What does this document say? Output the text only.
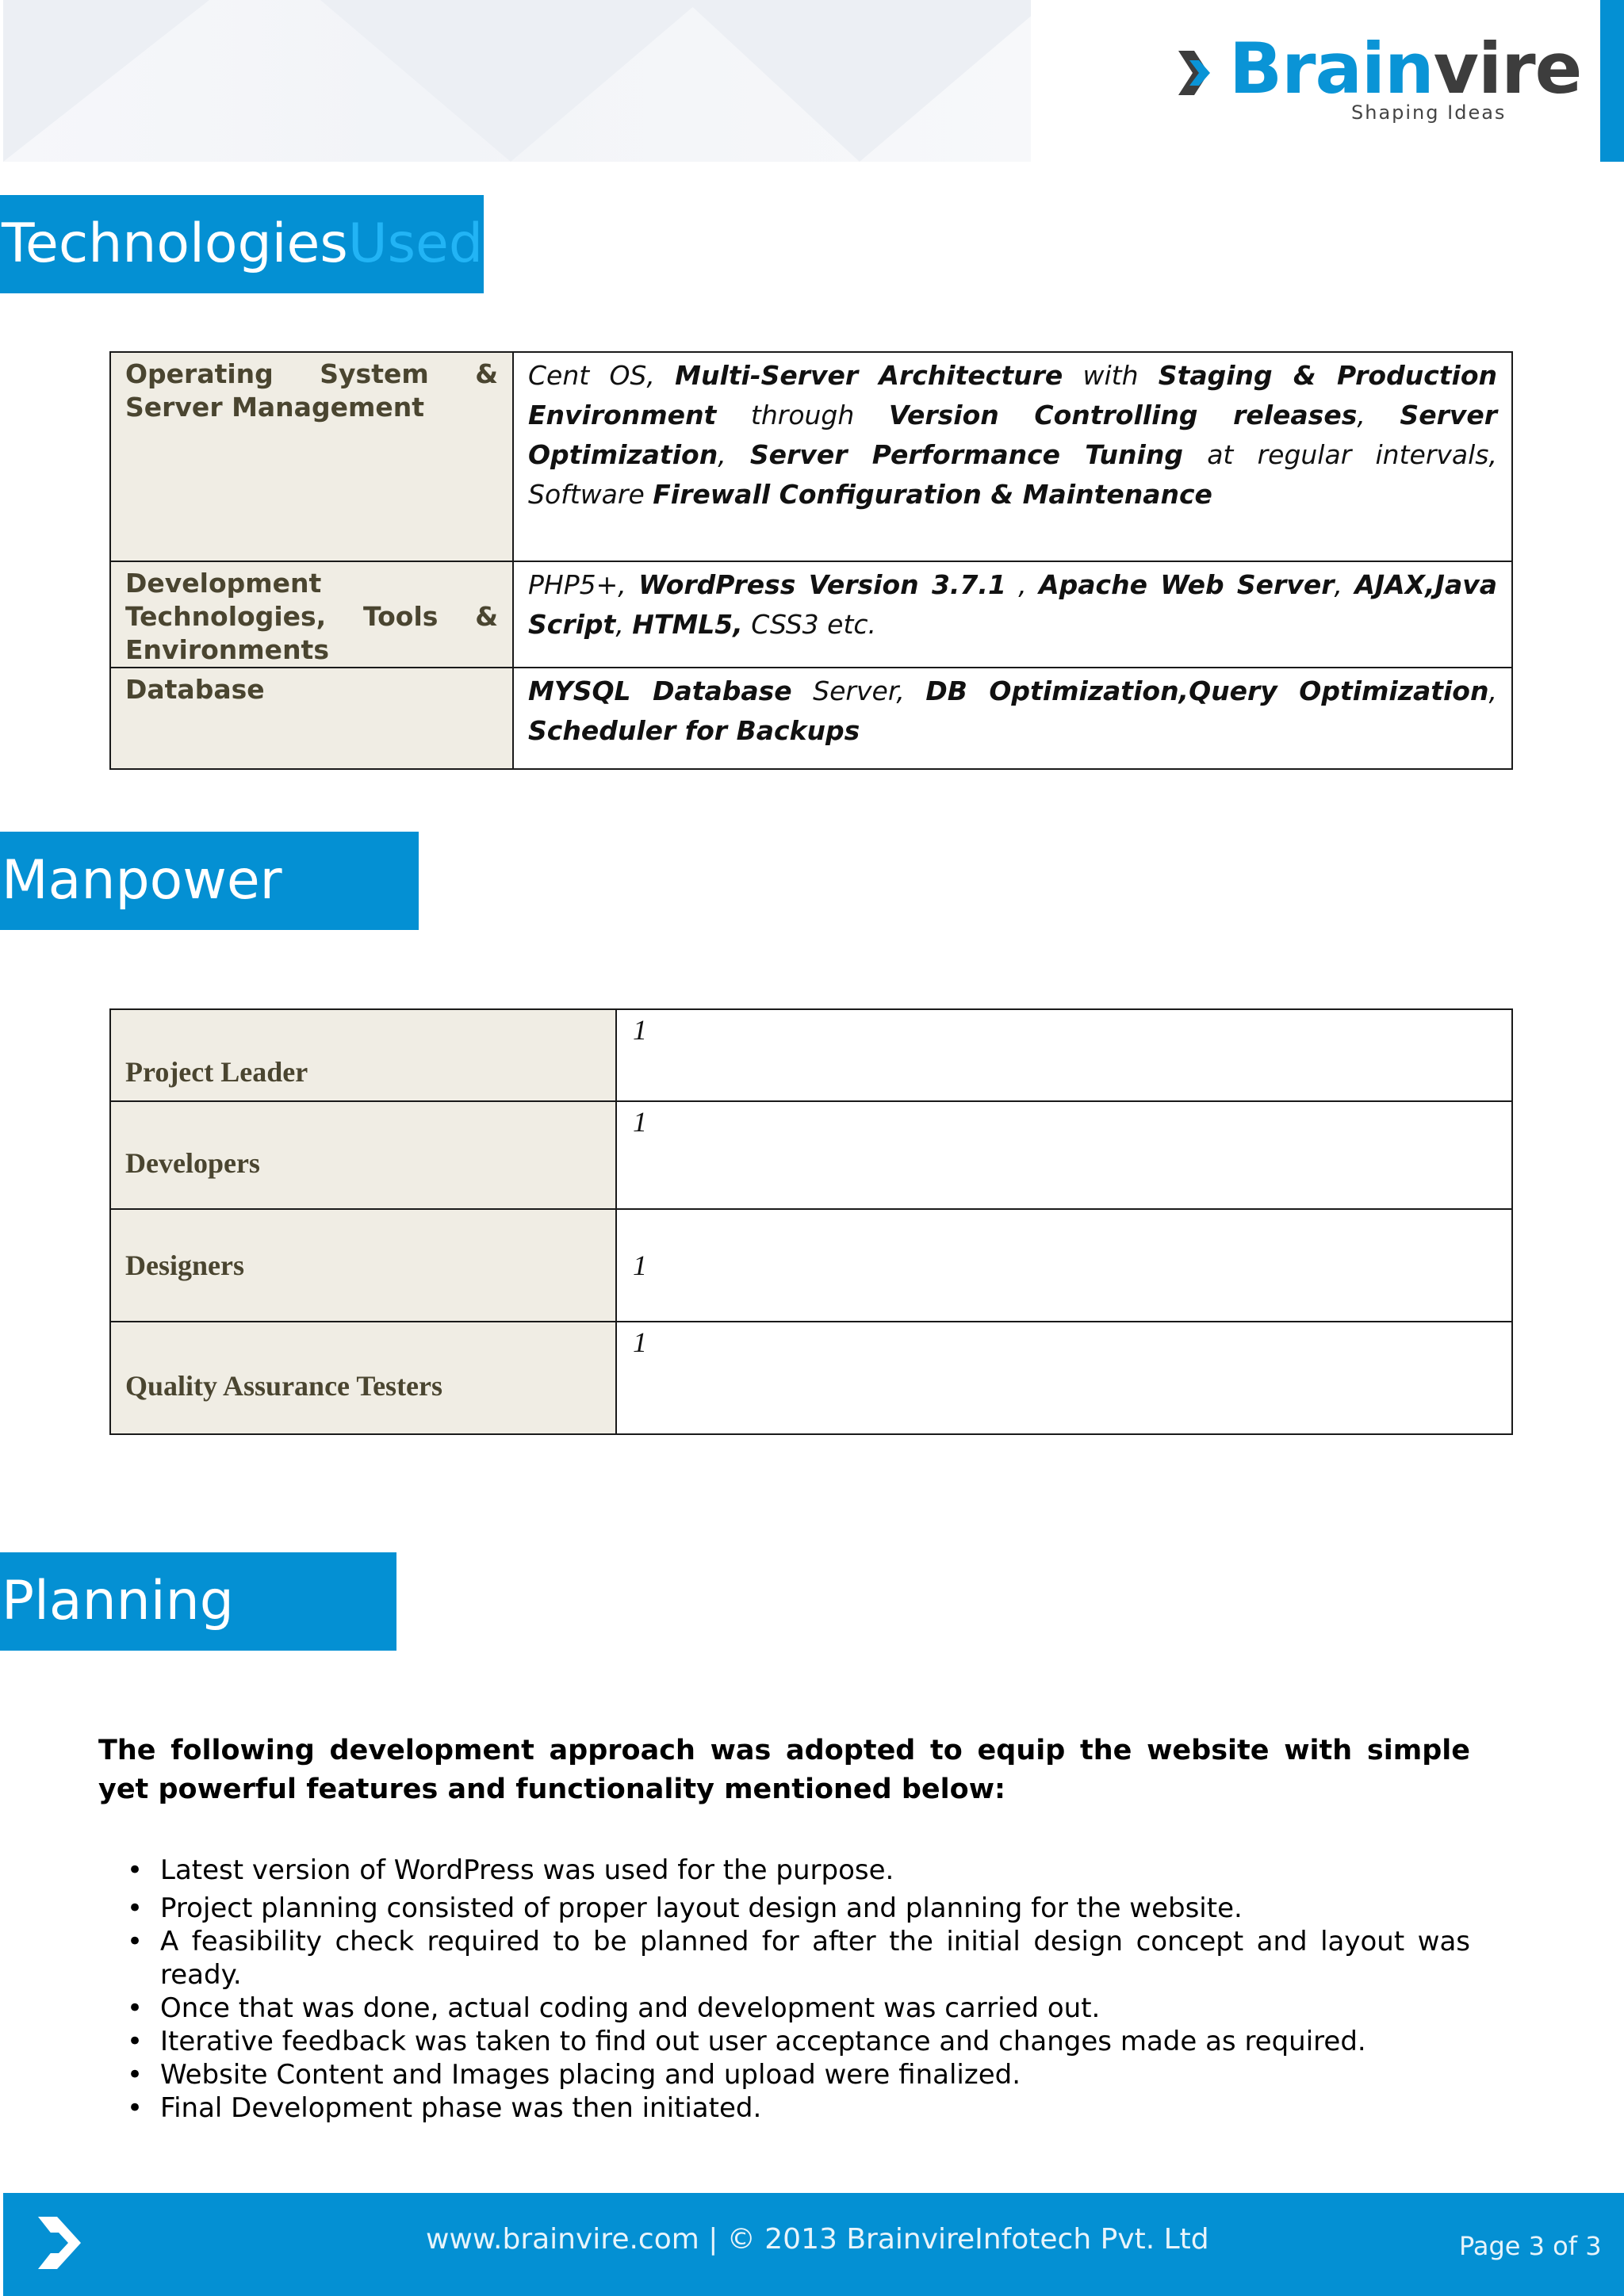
Brainvire
Shaping Ideas
TechnologiesUsed
Operating System & Server Management	Cent OS, Multi-Server Architecture with Staging & Production Environment through Version Controlling releases, Server Optimization, Server Performance Tuning at regular intervals, Software Firewall Configuration & Maintenance
Development Technologies, Tools & Environments	PHP5+, WordPress Version 3.7.1 , Apache Web Server, AJAX,Java Script, HTML5, CSS3 etc.
Database	MYSQL Database Server, DB Optimization,Query Optimization, Scheduler for Backups
Manpower
Project Leader	1
Developers	1
Designers	1
Quality Assurance Testers	1
Planning

The following development approach was adopted to equip the website with simple yet powerful features and functionality mentioned below:

• Latest version of WordPress was used for the purpose.
• Project planning consisted of proper layout design and planning for the website.
• A feasibility check required to be planned for after the initial design concept and layout was ready.
• Once that was done, actual coding and development was carried out.
• Iterative feedback was taken to find out user acceptance and changes made as required.
• Website Content and Images placing and upload were finalized.
• Final Development phase was then initiated.
www.brainvire.com | © 2013 BrainvireInfotech Pvt. Ltd	Page 3 of 3
